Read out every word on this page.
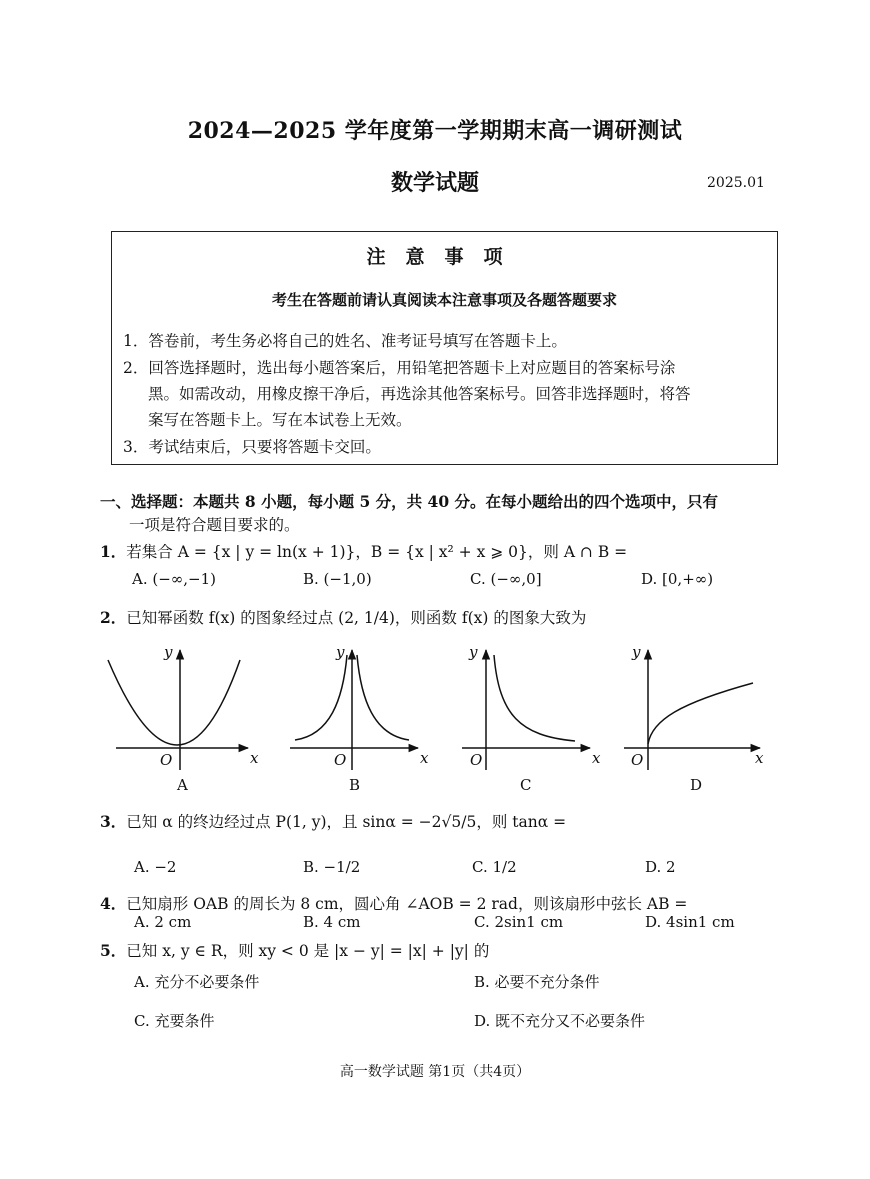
2024—2025 学年度第一学期期末高一调研测试
数学试题	2025.01
注意事项
考生在答题前请认真阅读本注意事项及各题答题要求
1．答卷前，考生务必将自己的姓名、准考证号填写在答题卡上。
2．回答选择题时，选出每小题答案后，用铅笔把答题卡上对应题目的答案标号涂
黑。如需改动，用橡皮擦干净后，再选涂其他答案标号。回答非选择题时，将答
案写在答题卡上。写在本试卷上无效。
3．考试结束后，只要将答题卡交回。
一、选择题：本题共 8 小题，每小题 5 分，共 40 分。在每小题给出的四个选项中，只有
一项是符合题目要求的。
1．若集合 A = {x | y = ln(x + 1)}，B = {x | x² + x ⩾ 0}，则 A ∩ B =
A. (−∞,−1)	B. (−1,0)	C. (−∞,0]	D. [0,+∞)
2．已知幂函数 f(x) 的图象经过点 (2, 1/4)，则函数 f(x) 的图象大致为
y
x
O
A
y
x
O
B
y
x
O
C
y
x
O
D
3．已知 α 的终边经过点 P(1, y)，且 sinα = −2√5/5，则 tanα =
A. −2	B. −1/2	C. 1/2	D. 2
4．已知扇形 OAB 的周长为 8 cm，圆心角 ∠AOB = 2 rad，则该扇形中弦长 AB =
A. 2 cm	B. 4 cm	C. 2sin1 cm	D. 4sin1 cm
5．已知 x, y ∈ R，则 xy < 0 是 |x − y| = |x| + |y| 的
A. 充分不必要条件	B. 必要不充分条件
C. 充要条件	D. 既不充分又不必要条件
高一数学试题 第1页（共4页）
